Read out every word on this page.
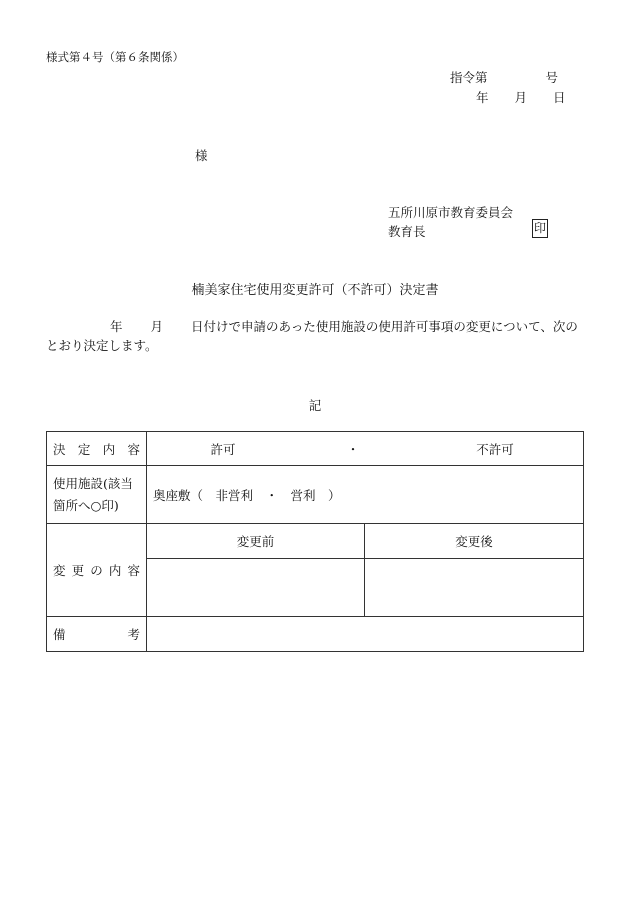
様式第４号（第６条関係）
指令第	号
年 月 日
様
五所川原市教育委員会
教育長	印
楠美家住宅使用変更許可（不許可）決定書
年 月 日付けで申請のあった使用施設の使用許可事項の変更について、次のとおり決定します。
記
決 定 内 容	許可 ・ 不許可	

使用施設(該当
箇所へ○印)	奥座敷（　非営利　・　営利　）	

変 更 の 内 容	変更前	変更後

備 考		
